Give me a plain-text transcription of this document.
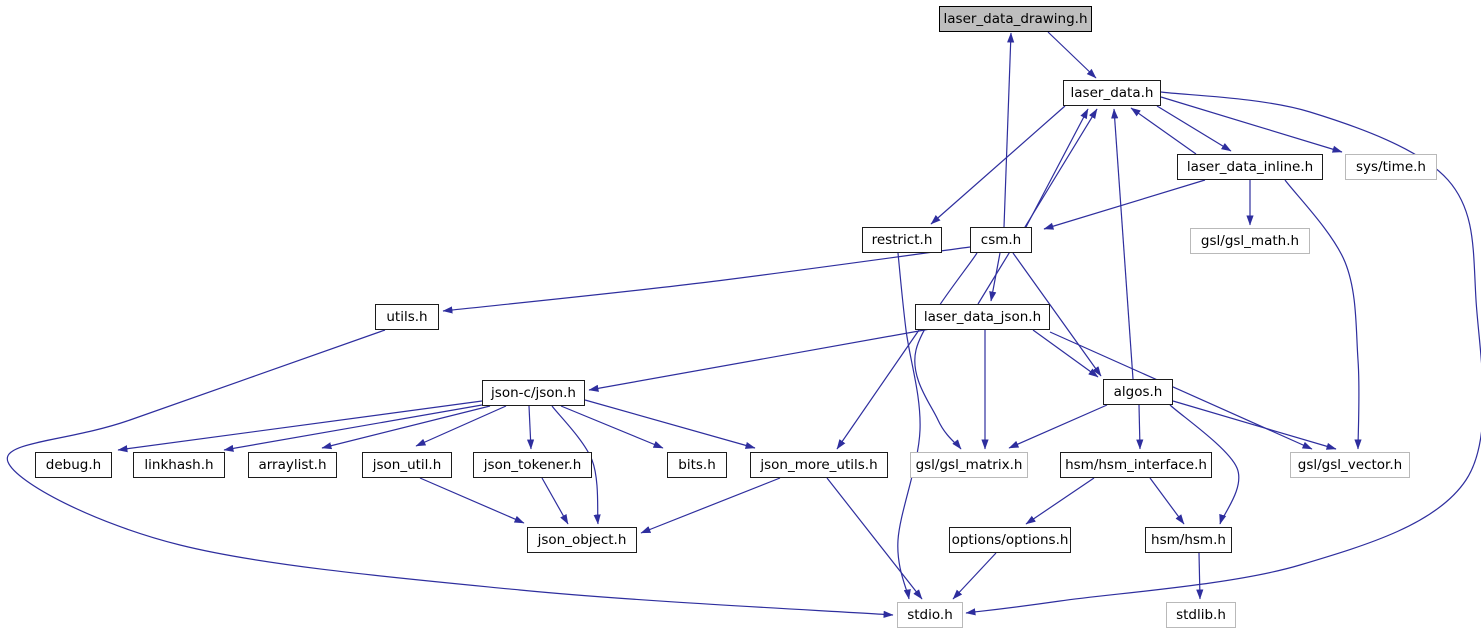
laser_data_drawing.h
laser_data.h
laser_data_inline.h	sys/time.h
gsl/gsl_math.h
restrict.h	csm.h
laser_data_json.h
utils.h
json-c/json.h	algos.h
debug.h	linkhash.h	arraylist.h	json_util.h	json_tokener.h	bits.h	json_more_utils.h	gsl/gsl_matrix.h	hsm/hsm_interface.h	gsl/gsl_vector.h
json_object.h	options/options.h	hsm/hsm.h
stdio.h	stdlib.h
